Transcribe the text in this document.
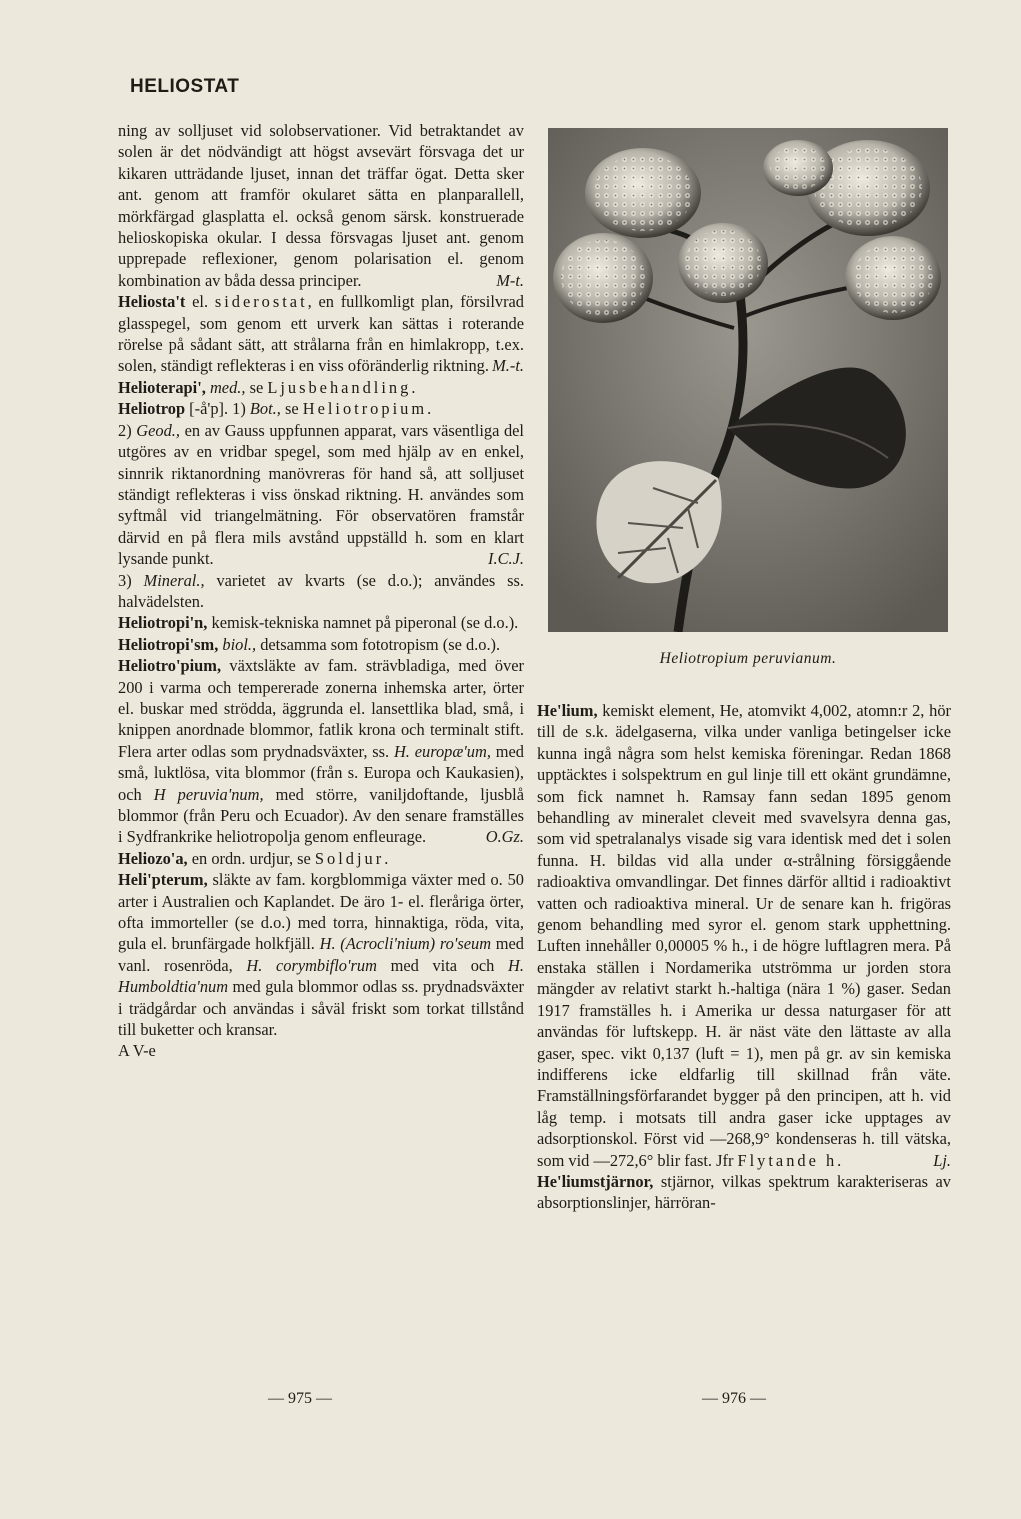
HELIOSTAT

ning av solljuset vid solobservationer. Vid betraktandet av solen är det nödvändigt att högst avsevärt försvaga det ur kikaren utträdande ljuset, innan det träffar ögat. Detta sker ant. genom att framför okularet sätta en planparallell, mörkfärgad glasplatta el. också genom särsk. konstruerade helioskopiska okular. I dessa försvagas ljuset ant. genom upprepade reflexioner, genom polarisation el. genom kombination av båda dessa principer.	M-t.

Heliosta't el. siderostat, en fullkomligt plan, försilvrad glasspegel, som genom ett urverk kan sättas i roterande rörelse på sådant sätt, att strålarna från en himlakropp, t.ex. solen, ständigt reflekteras i en viss oföränderlig riktning. M.-t.

Helioterapi', med., se Ljusbehandling.

Heliotrop [-å'p]. 1) Bot., se Heliotropium.

2) Geod., en av Gauss uppfunnen apparat, vars väsentliga del utgöres av en vridbar spegel, som med hjälp av en enkel, sinnrik riktanordning manövreras för hand så, att solljuset ständigt reflekteras i viss önskad riktning. H. användes som syftmål vid triangelmätning. För observatören framstår därvid en på flera mils avstånd uppställd h. som en klart lysande punkt.	I.C.J.

3) Mineral., varietet av kvarts (se d.o.); användes ss. halvädelsten.

Heliotropi'n, kemisk-tekniska namnet på piperonal (se d.o.).

Heliotropi'sm, biol., detsamma som fototropism (se d.o.).

Heliotro'pium, växtsläkte av fam. strävbladiga, med över 200 i varma och tempererade zonerna inhemska arter, örter el. buskar med strödda, äggrunda el. lansettlika blad, små, i knippen anordnade blommor, fatlik krona och terminalt stift. Flera arter odlas som prydnadsväxter, ss. H. europæ'um, med små, luktlösa, vita blommor (från s. Europa och Kaukasien), och H peruvia'num, med större, vaniljdoftande, ljusblå blommor (från Peru och Ecuador). Av den senare framställes i Sydfrankrike heliotropolja genom enfleurage.	O.Gz.

Heliozo'a, en ordn. urdjur, se Soldjur.

Heli'pterum, släkte av fam. korgblommiga växter med o. 50 arter i Australien och Kaplandet. De äro 1- el. fleråriga örter, ofta immorteller (se d.o.) med torra, hinnaktiga, röda, vita, gula el. brunfärgade holkfjäll. H. (Acrocli'nium) ro'seum med vanl. rosenröda, H. corymbiflo'rum med vita och H. Humboldtia'num med gula blommor odlas ss. prydnadsväxter i trädgårdar och användas i såväl friskt som torkat tillstånd till buketter och kransar.

A V-e
Heliotropium peruvianum.

He'lium, kemiskt element, He, atomvikt 4,002, atomn:r 2, hör till de s.k. ädelgaserna, vilka under vanliga betingelser icke kunna ingå några som helst kemiska föreningar. Redan 1868 upptäcktes i solspektrum en gul linje till ett okänt grundämne, som fick namnet h. Ramsay fann sedan 1895 genom behandling av mineralet cleveit med svavelsyra denna gas, som vid spetralanalys visade sig vara identisk med det i solen funna. H. bildas vid alla under α-strålning försiggående radioaktiva omvandlingar. Det finnes därför alltid i radioaktivt vatten och radioaktiva mineral. Ur de senare kan h. frigöras genom behandling med syror el. genom stark upphettning. Luften innehåller 0,00005 % h., i de högre luftlagren mera. På enstaka ställen i Nordamerika utströmma ur jorden stora mängder av relativt starkt h.-haltiga (nära 1 %) gaser. Sedan 1917 framställes h. i Amerika ur dessa naturgaser för att användas för luftskepp. H. är näst väte den lättaste av alla gaser, spec. vikt 0,137 (luft = 1), men på gr. av sin kemiska indifferens icke eldfarlig till skillnad från väte. Framställningsförfarandet bygger på den principen, att h. vid låg temp. i motsats till andra gaser icke upptages av adsorptionskol. Först vid —268,9° kondenseras h. till vätska, som vid —272,6° blir fast. Jfr Flytande h.	Lj.

He'liumstjärnor, stjärnor, vilkas spektrum karakteriseras av absorptionslinjer, härröran-

— 975 —	— 976 —
